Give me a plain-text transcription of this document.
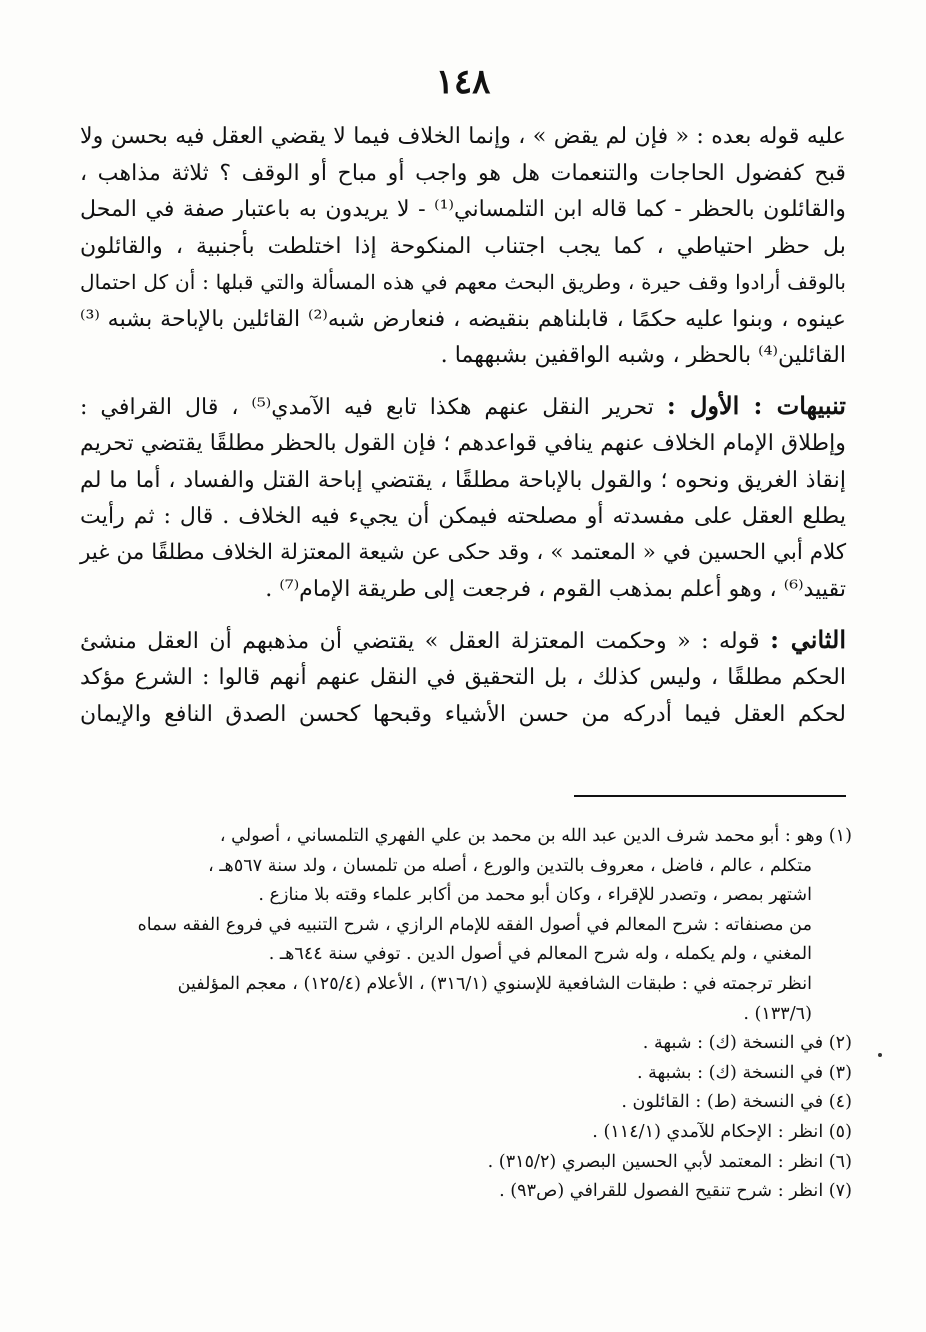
١٤٨

عليه قوله بعده : « فإن لم يقض » ، وإنما الخلاف فيما لا يقضي العقل فيه بحسن ولا
قبح كفضول الحاجات والتنعمات هل هو واجب أو مباح أو الوقف ؟ ثلاثة مذاهب ،
والقائلون بالحظر - كما قاله ابن التلمساني⁽¹⁾ - لا يريدون به باعتبار صفة في المحل
بل حظر احتياطي ، كما يجب اجتناب المنكوحة إذا اختلطت بأجنبية ، والقائلون
بالوقف أرادوا وقف حيرة ، وطريق البحث معهم في هذه المسألة والتي قبلها : أن كل احتمال
عينوه ، وبنوا عليه حكمًا ، قابلناهم بنقيضه ، فنعارض شبه⁽²⁾ القائلين بالإباحة بشبه ⁽³⁾
القائلين⁽⁴⁾ بالحظر ، وشبه الواقفين بشبههما .

تنبيهات : الأول : تحرير النقل عنهم هكذا تابع فيه الآمدي⁽⁵⁾ ، قال القرافي :
وإطلاق الإمام الخلاف عنهم ينافي قواعدهم ؛ فإن القول بالحظر مطلقًا يقتضي تحريم
إنقاذ الغريق ونحوه ؛ والقول بالإباحة مطلقًا ، يقتضي إباحة القتل والفساد ، أما ما لم
يطلع العقل على مفسدته أو مصلحته فيمكن أن يجيء فيه الخلاف . قال : ثم رأيت
كلام أبي الحسين في « المعتمد » ، وقد حكى عن شيعة المعتزلة الخلاف مطلقًا من غير
تقييد⁽⁶⁾ ، وهو أعلم بمذهب القوم ، فرجعت إلى طريقة الإمام⁽⁷⁾ .

الثاني : قوله : « وحكمت المعتزلة العقل » يقتضي أن مذهبهم أن العقل منشئ
الحكم مطلقًا ، وليس كذلك ، بل التحقيق في النقل عنهم أنهم قالوا : الشرع مؤكد
لحكم العقل فيما أدركه من حسن الأشياء وقبحها كحسن الصدق النافع والإيمان

(١) وهو : أبو محمد شرف الدين عبد الله بن محمد بن علي الفهري التلمساني ، أصولي ،
متكلم ، عالم ، فاضل ، معروف بالتدين والورع ، أصله من تلمسان ، ولد سنة ٥٦٧هـ ،
اشتهر بمصر ، وتصدر للإقراء ، وكان أبو محمد من أكابر علماء وقته بلا منازع .
من مصنفاته : شرح المعالم في أصول الفقه للإمام الرازي ، شرح التنبيه في فروع الفقه سماه
المغني ، ولم يكمله ، وله شرح المعالم في أصول الدين . توفي سنة ٦٤٤هـ .
انظر ترجمته في : طبقات الشافعية للإسنوي (٣١٦/١) ، الأعلام (١٢٥/٤) ، معجم المؤلفين
(١٣٣/٦) .
(٢) في النسخة (ك) : شبهة .
(٣) في النسخة (ك) : بشبهة .
(٤) في النسخة (ط) : القائلون .
(٥) انظر : الإحكام للآمدي (١١٤/١) .
(٦) انظر : المعتمد لأبي الحسين البصري (٣١٥/٢) .
(٧) انظر : شرح تنقيح الفصول للقرافي (ص٩٣) .
